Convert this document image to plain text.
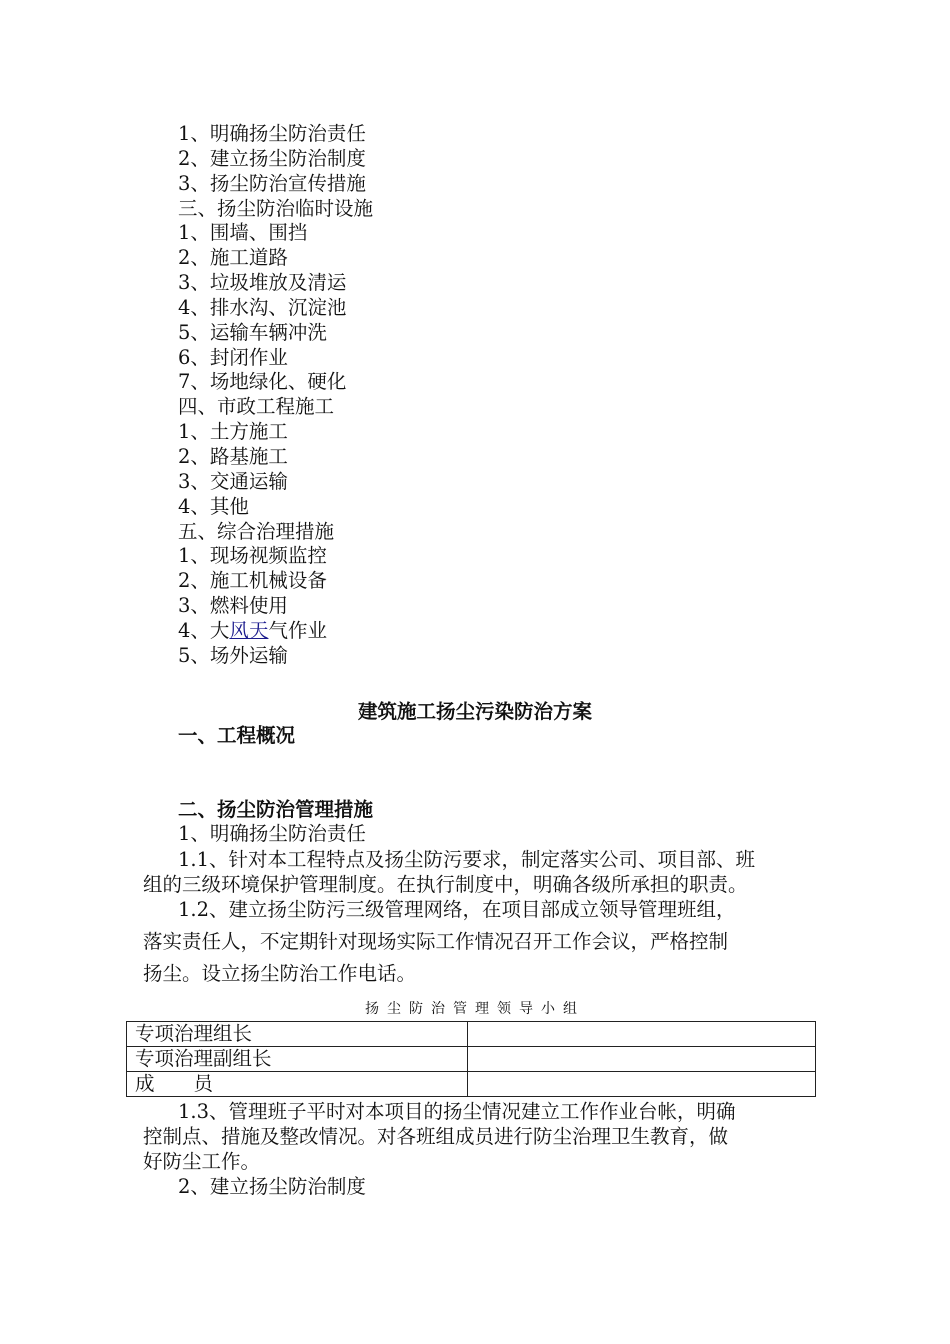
1、明确扬尘防治责任
2、建立扬尘防治制度
3、扬尘防治宣传措施
三、扬尘防治临时设施
1、围墙、围挡
2、施工道路
3、垃圾堆放及清运
4、排水沟、沉淀池
5、运输车辆冲洗
6、封闭作业
7、场地绿化、硬化
四、市政工程施工
1、土方施工
2、路基施工
3、交通运输
4、其他
五、综合治理措施
1、现场视频监控
2、施工机械设备
3、燃料使用
4、大风天气作业
5、场外运输
建筑施工扬尘污染防治方案
一、工程概况
二、扬尘防治管理措施
1、明确扬尘防治责任
1.1、针对本工程特点及扬尘防污要求，制定落实公司、项目部、班
组的三级环境保护管理制度。在执行制度中，明确各级所承担的职责。
1.2、建立扬尘防污三级管理网络，在项目部成立领导管理班组，
落实责任人，不定期针对现场实际工作情况召开工作会议，严格控制
扬尘。设立扬尘防治工作电话。
扬尘防治管理领导小组
专项治理组长	
专项治理副组长	
成　　员	
1.3、管理班子平时对本项目的扬尘情况建立工作作业台帐，明确
控制点、措施及整改情况。对各班组成员进行防尘治理卫生教育，做
好防尘工作。
2、建立扬尘防治制度
